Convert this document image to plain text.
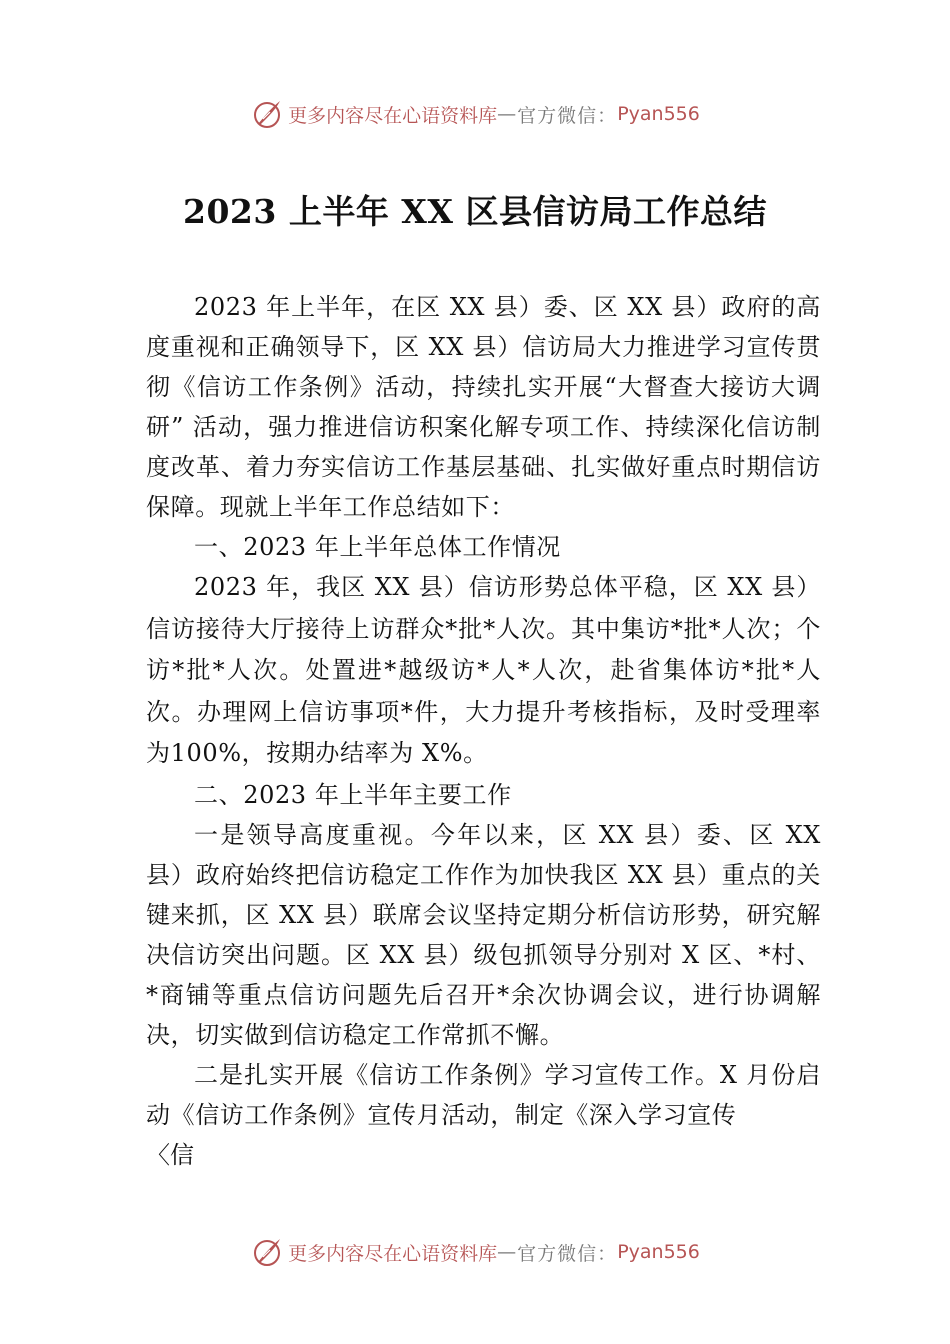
更多内容尽在心语资料库 — 官方微信： Pyan556
2023 上半年 XX 区县信访局工作总结

2023 年上半年，在区 XX 县）委、区 XX 县）政府的高度重视和正确领导下，区 XX 县）信访局大力推进学习宣传贯彻《信访工作条例》活动，持续扎实开展“大督查大接访大调研” 活动，强力推进信访积案化解专项工作、持续深化信访制度改革、着力夯实信访工作基层基础、扎实做好重点时期信访保障。现就上半年工作总结如下：

一、2023 年上半年总体工作情况

2023 年，我区 XX 县）信访形势总体平稳，区 XX 县）信访接待大厅接待上访群众*批*人次。其中集访*批*人次；个访*批*人次。处置进*越级访*人*人次，赴省集体访*批*人次。办理网上信访事项*件，大力提升考核指标，及时受理率为100%，按期办结率为 X%。

二、2023 年上半年主要工作

一是领导高度重视。今年以来，区 XX 县）委、区 XX 县）政府始终把信访稳定工作作为加快我区 XX 县）重点的关键来抓，区 XX 县）联席会议坚持定期分析信访形势，研究解决信访突出问题。区 XX 县）级包抓领导分别对 X 区、*村、*商铺等重点信访问题先后召开*余次协调会议，进行协调解决，切实做到信访稳定工作常抓不懈。

二是扎实开展《信访工作条例》学习宣传工作。X 月份启动《信访工作条例》宣传月活动，制定《深入学习宣传

〈信

更多内容尽在心语资料库 — 官方微信： Pyan556
